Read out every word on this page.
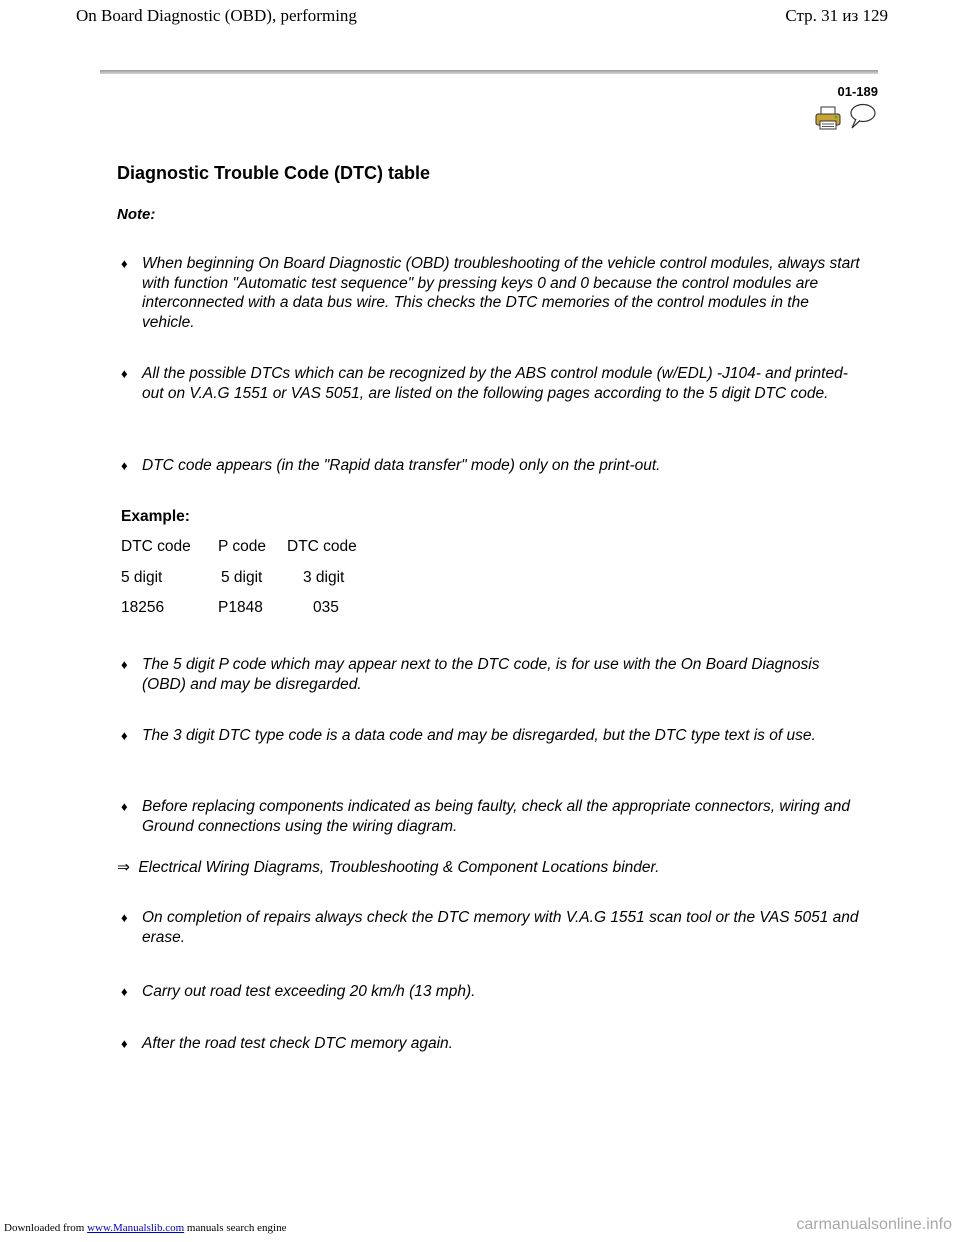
On Board Diagnostic (OBD), performing	Стр. 31 из 129
01-189
Diagnostic Trouble Code (DTC) table
Note:
♦ When beginning On Board Diagnostic (OBD) troubleshooting of the vehicle control modules, always start with function "Automatic test sequence" by pressing keys 0 and 0 because the control modules are interconnected with a data bus wire. This checks the DTC memories of the control modules in the vehicle.
♦ All the possible DTCs which can be recognized by the ABS control module (w/EDL) -J104- and printed-out on V.A.G 1551 or VAS 5051, are listed on the following pages according to the 5 digit DTC code.
♦ DTC code appears (in the "Rapid data transfer" mode) only on the print-out.
Example:
DTC code	P code	DTC code
5 digit	5 digit	3 digit
18256	P1848	035
♦ The 5 digit P code which may appear next to the DTC code, is for use with the On Board Diagnosis (OBD) and may be disregarded.
♦ The 3 digit DTC type code is a data code and may be disregarded, but the DTC type text is of use.
♦ Before replacing components indicated as being faulty, check all the appropriate connectors, wiring and Ground connections using the wiring diagram.
⇒ Electrical Wiring Diagrams, Troubleshooting & Component Locations binder.
♦ On completion of repairs always check the DTC memory with V.A.G 1551 scan tool or the VAS 5051 and erase.
♦ Carry out road test exceeding 20 km/h (13 mph).
♦ After the road test check DTC memory again.
Downloaded from www.Manualslib.com manuals search engine	carmanualsonline.info
